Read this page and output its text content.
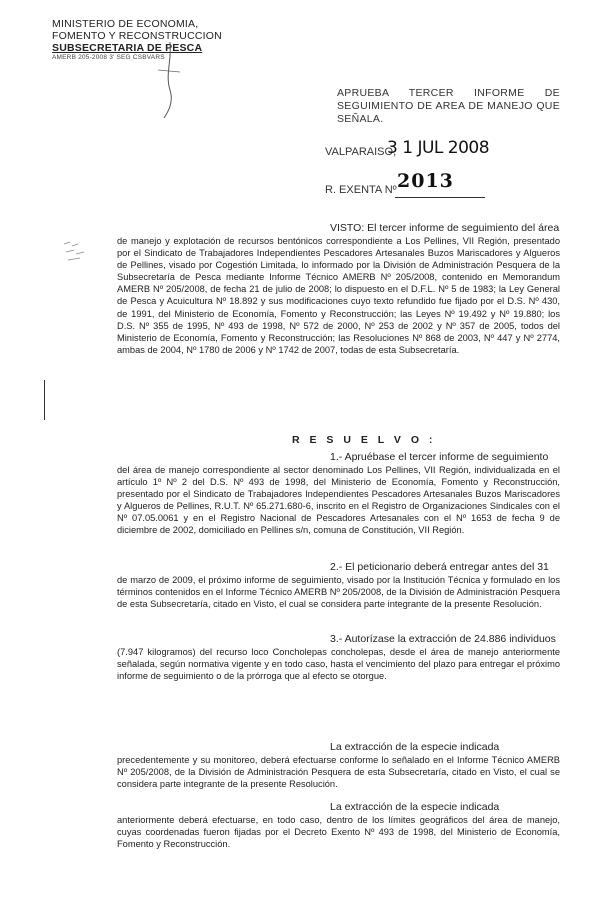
MINISTERIO DE ECONOMIA,
FOMENTO Y RECONSTRUCCION
SUBSECRETARIA DE PESCA
AMERB 205-2008 3' SEG CSBVARS
APRUEBA TERCER INFORME DE SEGUIMIENTO DE AREA DE MANEJO QUE SEÑALA.
VALPARAISO,
3 1 JUL 2008
R. EXENTA Nº 2013
VISTO: El tercer informe de seguimiento del área

de manejo y explotación de recursos bentónicos correspondiente a Los Pellines, VII Región, presentado por el Sindicato de Trabajadores Independientes Pescadores Artesanales Buzos Mariscadores y Algueros de Pellines, visado por Cogestión Limitada, lo informado por la División de Administración Pesquera de la Subsecretaría de Pesca mediante Informe Técnico AMERB Nº 205/2008, contenido en Memorandum AMERB Nº 205/2008, de fecha 21 de julio de 2008; lo dispuesto en el D.F.L. Nº 5 de 1983; la Ley General de Pesca y Acuicultura Nº 18.892 y sus modificaciones cuyo texto refundido fue fijado por el D.S. Nº 430, de 1991, del Ministerio de Economía, Fomento y Reconstrucción; las Leyes Nº 19.492 y Nº 19.880; los D.S. Nº 355 de 1995, Nº 493 de 1998, Nº 572 de 2000, Nº 253 de 2002 y Nº 357 de 2005, todos del Ministerio de Economía, Fomento y Reconstrucción; las Resoluciones Nº 868 de 2003, Nº 447 y Nº 2774, ambas de 2004, Nº 1780 de 2006 y Nº 1742 de 2007, todas de esta Subsecretaría.

R E S U E L V O :
1.- Apruébase el tercer informe de seguimiento

del área de manejo correspondiente al sector denominado Los Pellines, VII Región, individualizada en el artículo 1º Nº 2 del D.S. Nº 493 de 1998, del Ministerio de Economía, Fomento y Reconstrucción, presentado por el Sindicato de Trabajadores Independientes Pescadores Artesanales Buzos Mariscadores y Algueros de Pellines, R.U.T. Nº 65.271.680-6, inscrito en el Registro de Organizaciones Sindicales con el Nº 07.05.0061 y en el Registro Nacional de Pescadores Artesanales con el Nº 1653 de fecha 9 de diciembre de 2002, domiciliado en Pellines s/n, comuna de Constitución, VII Región.

2.- El peticionario deberá entregar antes del 31

de marzo de 2009, el próximo informe de seguimiento, visado por la Institución Técnica y formulado en los términos contenidos en el Informe Técnico AMERB Nº 205/2008, de la División de Administración Pesquera de esta Subsecretaría, citado en Visto, el cual se considera parte integrante de la presente Resolución.

3.- Autorízase la extracción de 24.886 individuos

(7.947 kilogramos) del recurso loco Concholepas concholepas, desde el área de manejo anteriormente señalada, según normativa vigente y en todo caso, hasta el vencimiento del plazo para entregar el próximo informe de seguimiento o de la prórroga que al efecto se otorgue.

La extracción de la especie indicada

precedentemente y su monitoreo, deberá efectuarse conforme lo señalado en el Informe Técnico AMERB Nº 205/2008, de la División de Administración Pesquera de esta Subsecretaría, citado en Visto, el cual se considera parte integrante de la presente Resolución.

La extracción de la especie indicada

anteriormente deberá efectuarse, en todo caso, dentro de los límites geográficos del área de manejo, cuyas coordenadas fueron fijadas por el Decreto Exento Nº 493 de 1998, del Ministerio de Economía, Fomento y Reconstrucción.
